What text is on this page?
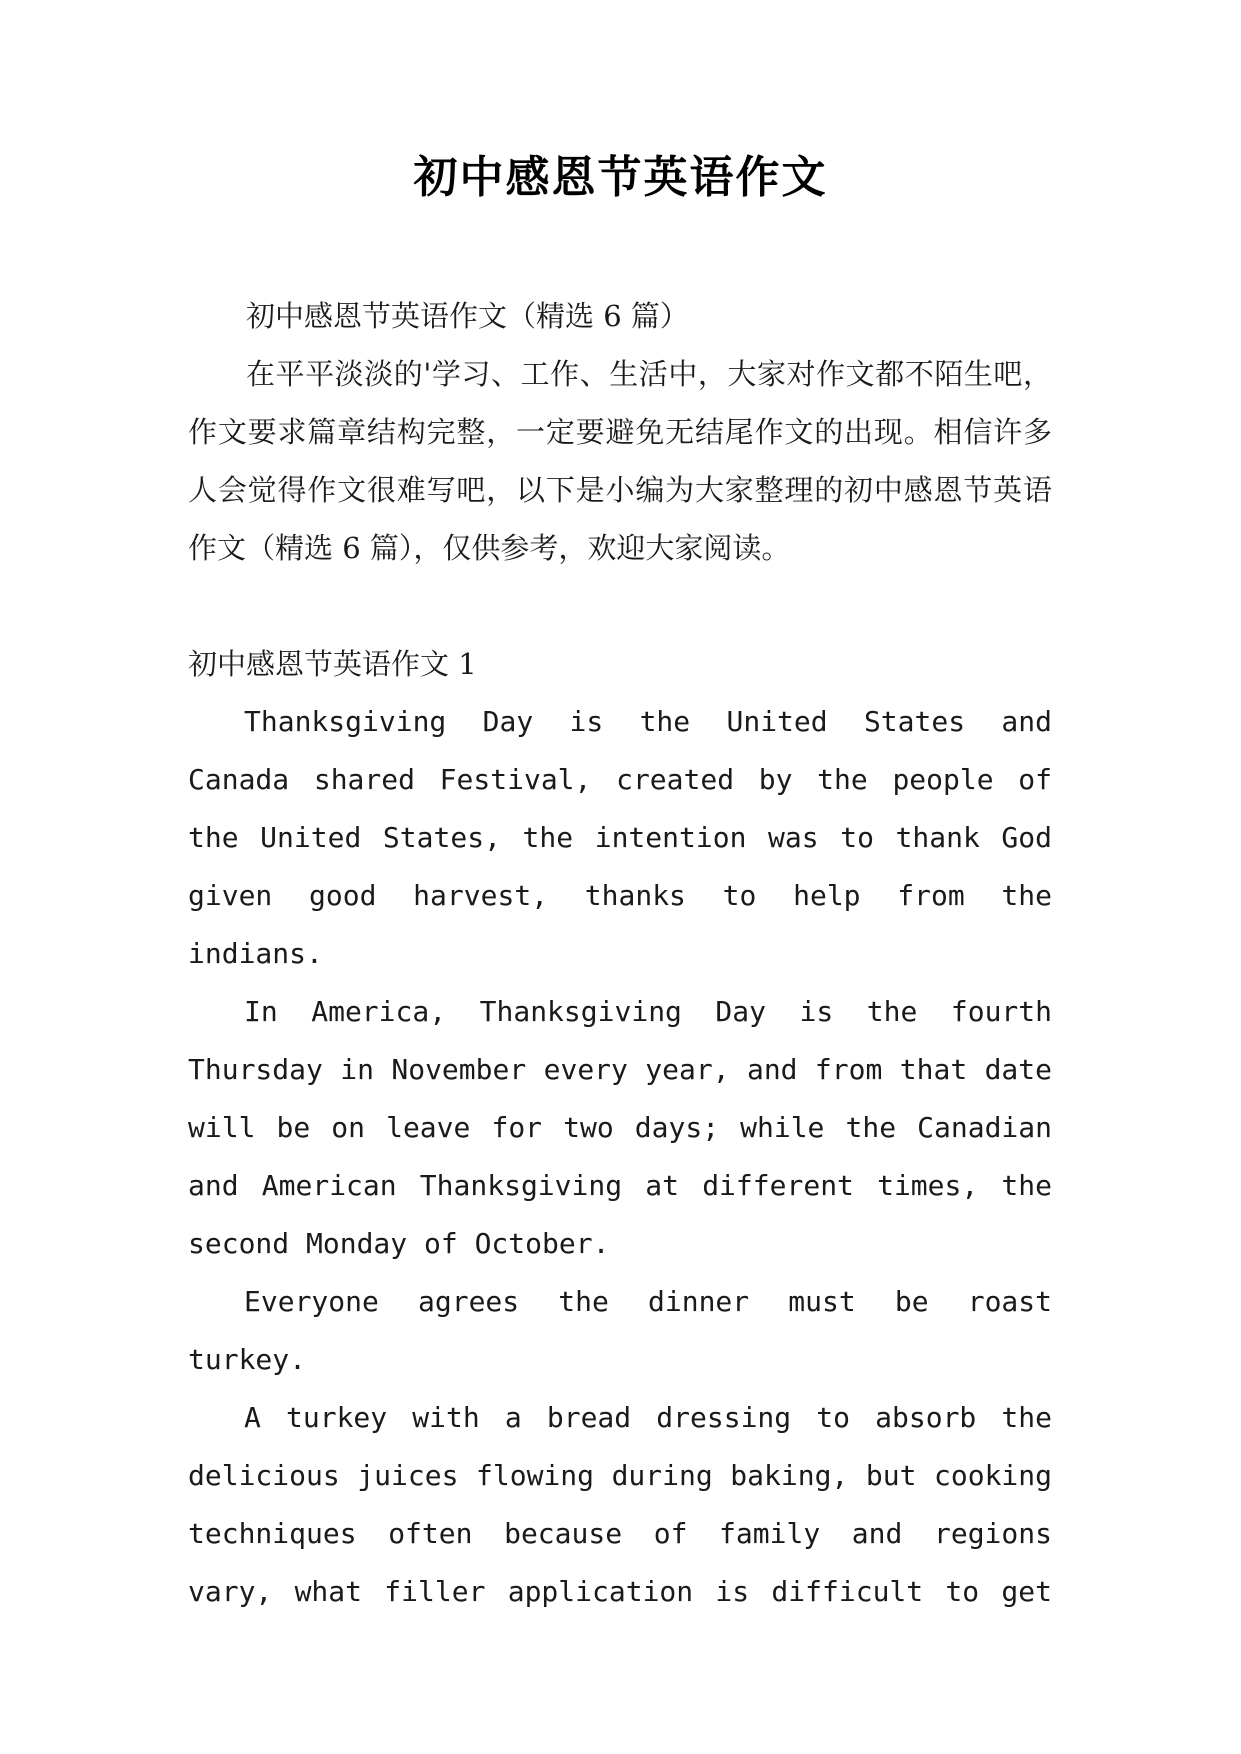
初中感恩节英语作文

初中感恩节英语作文（精选 6 篇）

在平平淡淡的'学习、工作、生活中，大家对作文都不陌生吧，作文要求篇章结构完整，一定要避免无结尾作文的出现。相信许多人会觉得作文很难写吧，以下是小编为大家整理的初中感恩节英语作文（精选 6 篇），仅供参考，欢迎大家阅读。

初中感恩节英语作文 1

Thanksgiving Day is the United States and Canada shared Festival, created by the people of the United States, the intention was to thank God given good harvest, thanks to help from the indians.

In America, Thanksgiving Day is the fourth Thursday in November every year, and from that date will be on leave for two days; while the Canadian and American Thanksgiving at different times, the second Monday of October.

Everyone agrees the dinner must be roast turkey.

A turkey with a bread dressing to absorb the delicious juices flowing during baking, but cooking techniques often because of family and regions vary, what filler application is difficult to get
